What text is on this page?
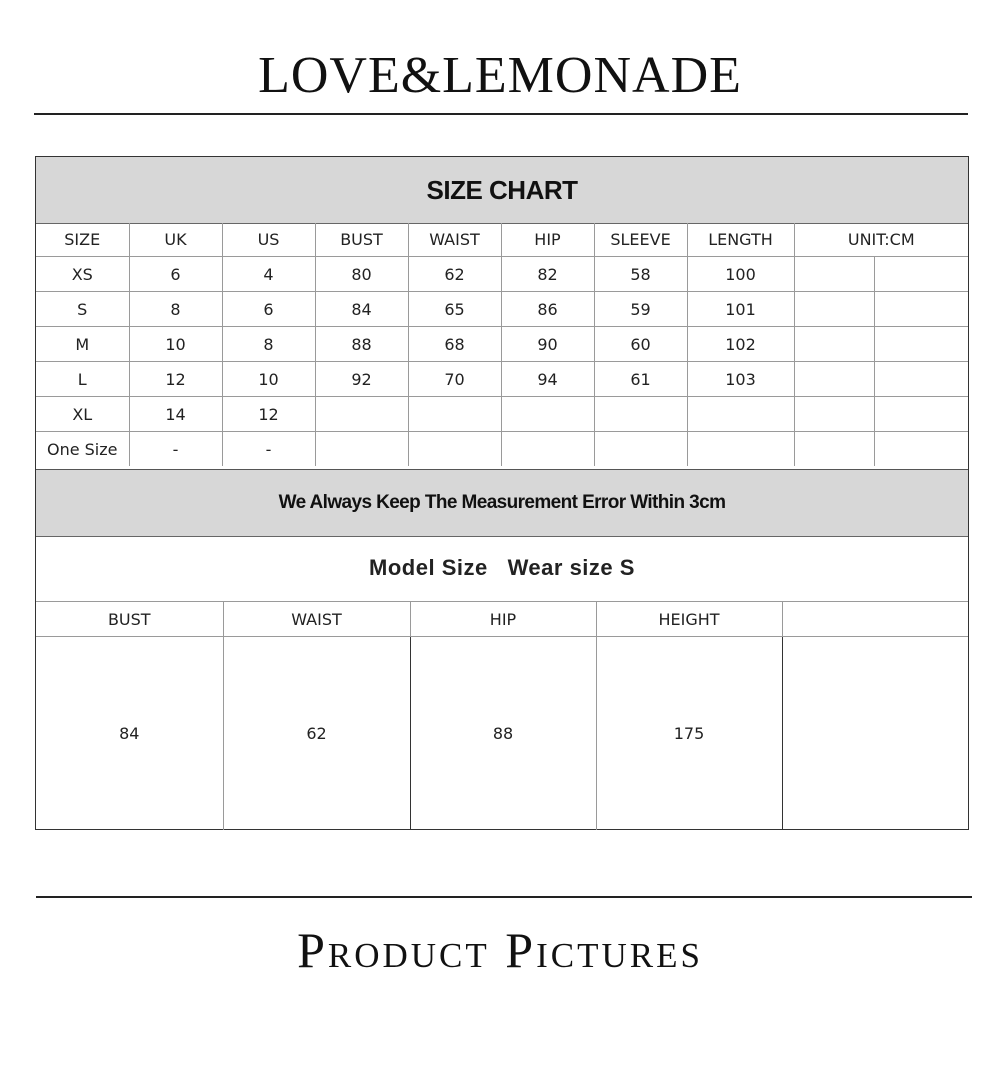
LOVE&LEMONADE
SIZE CHART
SIZE	UK	US	BUST	WAIST	HIP	SLEEVE	LENGTH	UNIT:CM	
XS	6	4	80	62	82	58	100		
S	8	6	84	65	86	59	101		
M	10	8	88	68	90	60	102		
L	12	10	92	70	94	61	103		
XL	14	12							
One Size	-	-							
We Always Keep The Measurement Error Within 3cm
Model Size
Wear size S
BUST	WAIST	HIP	HEIGHT	
84	62	88	175	
Product Pictures
